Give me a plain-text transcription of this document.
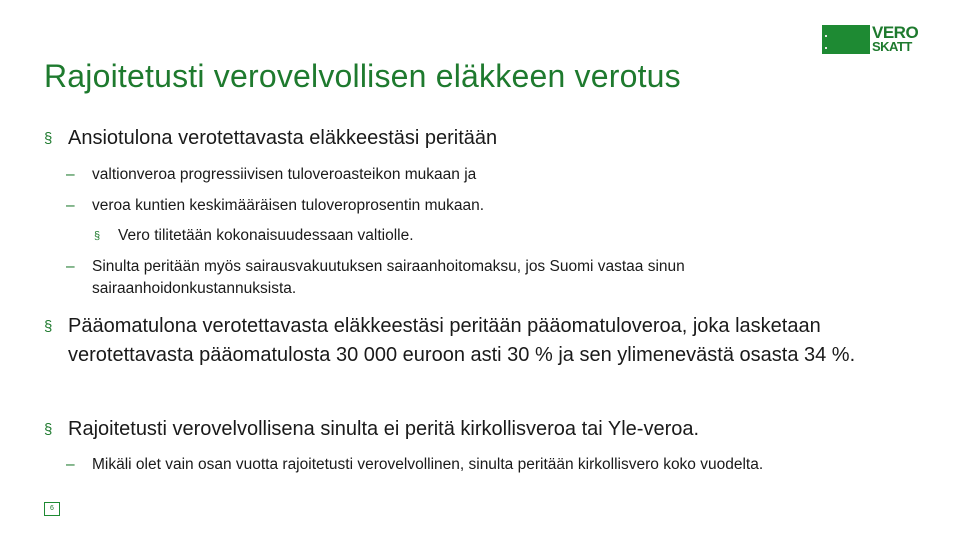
Rajoitetusti verovelvollisen eläkkeen verotus
VERO
SKATT
§ Ansiotulona verotettavasta eläkkeestäsi peritään
–	valtionveroa progressiivisen tuloveroasteikon mukaan ja
–	veroa kuntien keskimääräisen tuloveroprosentin mukaan.
§	Vero tilitetään kokonaisuudessaan valtiolle.
–	Sinulta peritään myös sairausvakuutuksen sairaanhoitomaksu, jos Suomi vastaa sinun sairaanhoidonkustannuksista.
§ Pääomatulona verotettavasta eläkkeestäsi peritään pääomatuloveroa, joka lasketaan verotettavasta pääomatulosta 30 000 euroon asti 30 % ja sen ylimenevästä osasta 34 %.
§ Rajoitetusti verovelvollisena sinulta ei peritä kirkollisveroa tai Yle-veroa.
–	Mikäli olet vain osan vuotta rajoitetusti verovelvollinen, sinulta peritään kirkollisvero koko vuodelta.
6
